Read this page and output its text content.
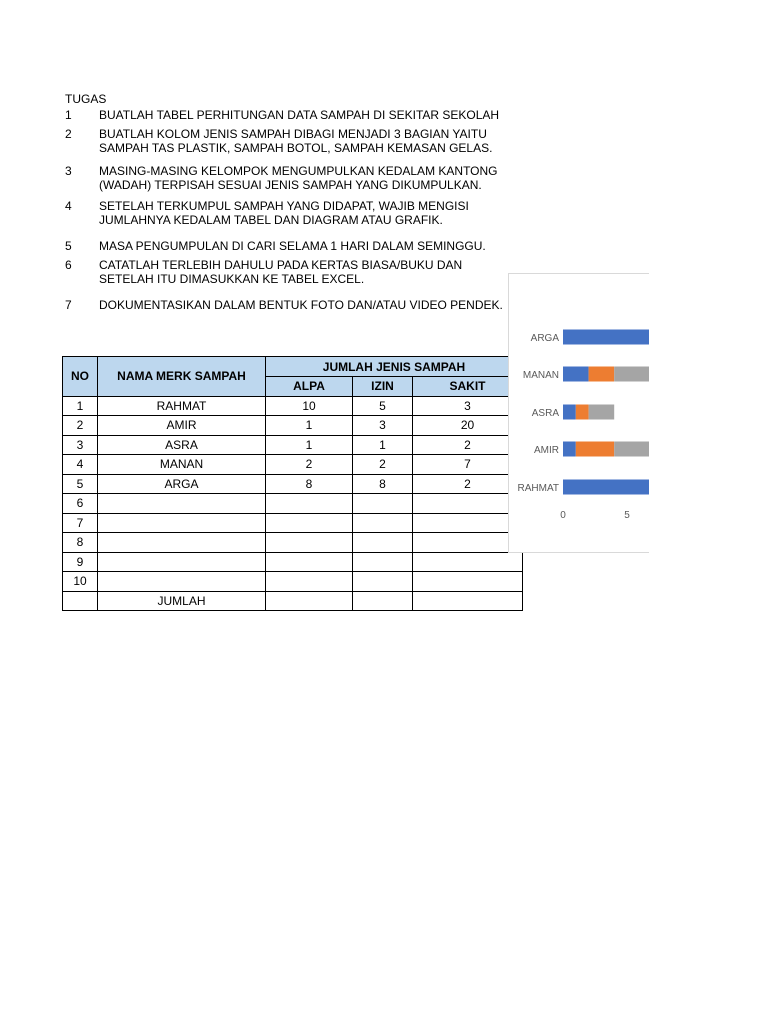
TUGAS
1 BUATLAH TABEL PERHITUNGAN DATA SAMPAH DI SEKITAR SEKOLAH
2 BUATLAH KOLOM JENIS SAMPAH DIBAGI MENJADI 3 BAGIAN YAITU SAMPAH TAS PLASTIK, SAMPAH BOTOL, SAMPAH KEMASAN GELAS.
3 MASING-MASING KELOMPOK MENGUMPULKAN KEDALAM KANTONG (WADAH) TERPISAH SESUAI JENIS SAMPAH YANG DIKUMPULKAN.
4 SETELAH TERKUMPUL SAMPAH YANG DIDAPAT, WAJIB MENGISI JUMLAHNYA KEDALAM TABEL DAN DIAGRAM ATAU GRAFIK.
5 MASA PENGUMPULAN DI CARI SELAMA 1 HARI DALAM SEMINGGU.
6 CATATLAH TERLEBIH DAHULU PADA KERTAS BIASA/BUKU DAN SETELAH ITU DIMASUKKAN KE TABEL EXCEL.
7 DOKUMENTASIKAN DALAM BENTUK FOTO DAN/ATAU VIDEO PENDEK.
NO	NAMA MERK SAMPAH	JUMLAH JENIS SAMPAH		
		ALPA	IZIN	SAKIT
1	RAHMAT	10	5	3
2	AMIR	1	3	20
3	ASRA	1	1	2
4	MANAN	2	2	7
5	ARGA	8	8	2
6				
7				
8				
9				
10				
	JUMLAH			
RAHMAT
AMIR
ASRA
MANAN
ARGA
0	5
